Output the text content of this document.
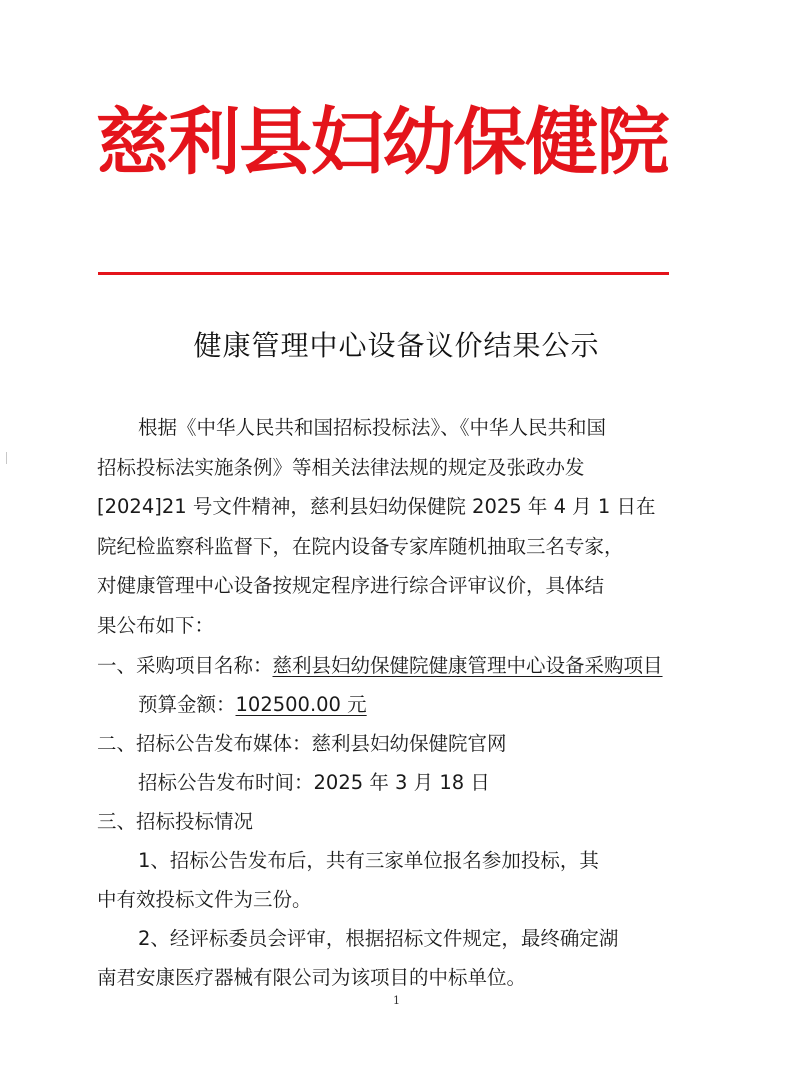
慈利县妇幼保健院
健康管理中心设备议价结果公示
根据《中华人民共和国招标投标法》、《中华人民共和国
招标投标法实施条例》等相关法律法规的规定及张政办发
[2024]21 号文件精神，慈利县妇幼保健院 2025 年 4 月 1 日在
院纪检监察科监督下，在院内设备专家库随机抽取三名专家，
对健康管理中心设备按规定程序进行综合评审议价，具体结
果公布如下：
一、采购项目名称：慈利县妇幼保健院健康管理中心设备采购项目
预算金额：102500.00 元
二、招标公告发布媒体：慈利县妇幼保健院官网
招标公告发布时间：2025 年 3 月 18 日
三、招标投标情况
1、招标公告发布后，共有三家单位报名参加投标，其
中有效投标文件为三份。
2、经评标委员会评审，根据招标文件规定，最终确定湖
南君安康医疗器械有限公司为该项目的中标单位。
1
